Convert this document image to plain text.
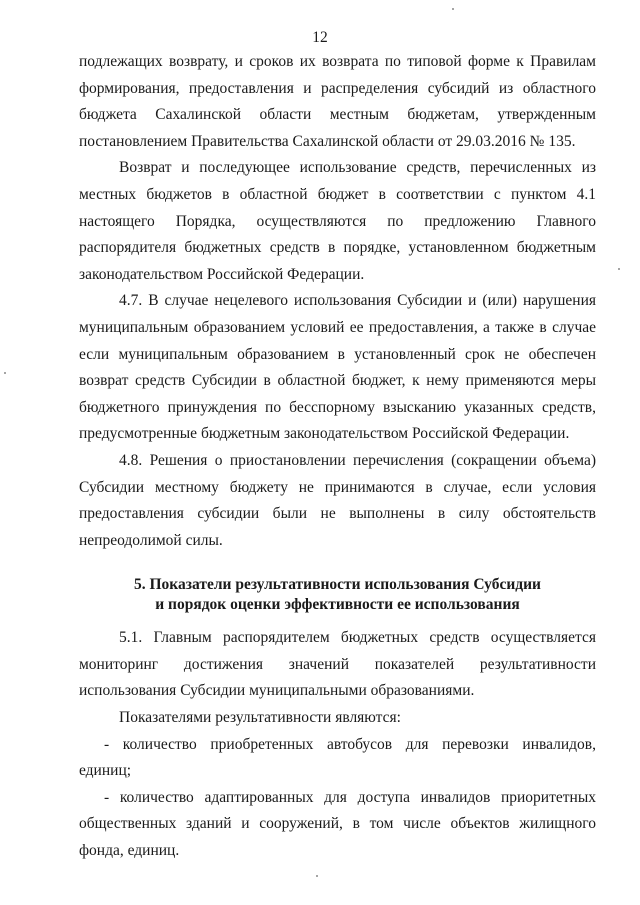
12

подлежащих возврату, и сроков их возврата по типовой форме к Правилам
формирования, предоставления и распределения субсидий из областного
бюджета Сахалинской области местным бюджетам, утвержденным
постановлением Правительства Сахалинской области от 29.03.2016 № 135.

Возврат и последующее использование средств, перечисленных из
местных бюджетов в областной бюджет в соответствии с пунктом 4.1
настоящего Порядка, осуществляются по предложению Главного
распорядителя бюджетных средств в порядке, установленном бюджетным
законодательством Российской Федерации.

4.7. В случае нецелевого использования Субсидии и (или) нарушения
муниципальным образованием условий ее предоставления, а также в случае
если муниципальным образованием в установленный срок не обеспечен
возврат средств Субсидии в областной бюджет, к нему применяются меры
бюджетного принуждения по бесспорному взысканию указанных средств,
предусмотренные бюджетным законодательством Российской Федерации.

4.8. Решения о приостановлении перечисления (сокращении объема)
Субсидии местному бюджету не принимаются в случае, если условия
предоставления субсидии были не выполнены в силу обстоятельств
непреодолимой силы.

5. Показатели результативности использования Субсидии
и порядок оценки эффективности ее использования

5.1. Главным распорядителем бюджетных средств осуществляется
мониторинг достижения значений показателей результативности
использования Субсидии муниципальными образованиями.

Показателями результативности являются:

- количество приобретенных автобусов для перевозки инвалидов,
единиц;

- количество адаптированных для доступа инвалидов приоритетных
общественных зданий и сооружений, в том числе объектов жилищного
фонда, единиц.
